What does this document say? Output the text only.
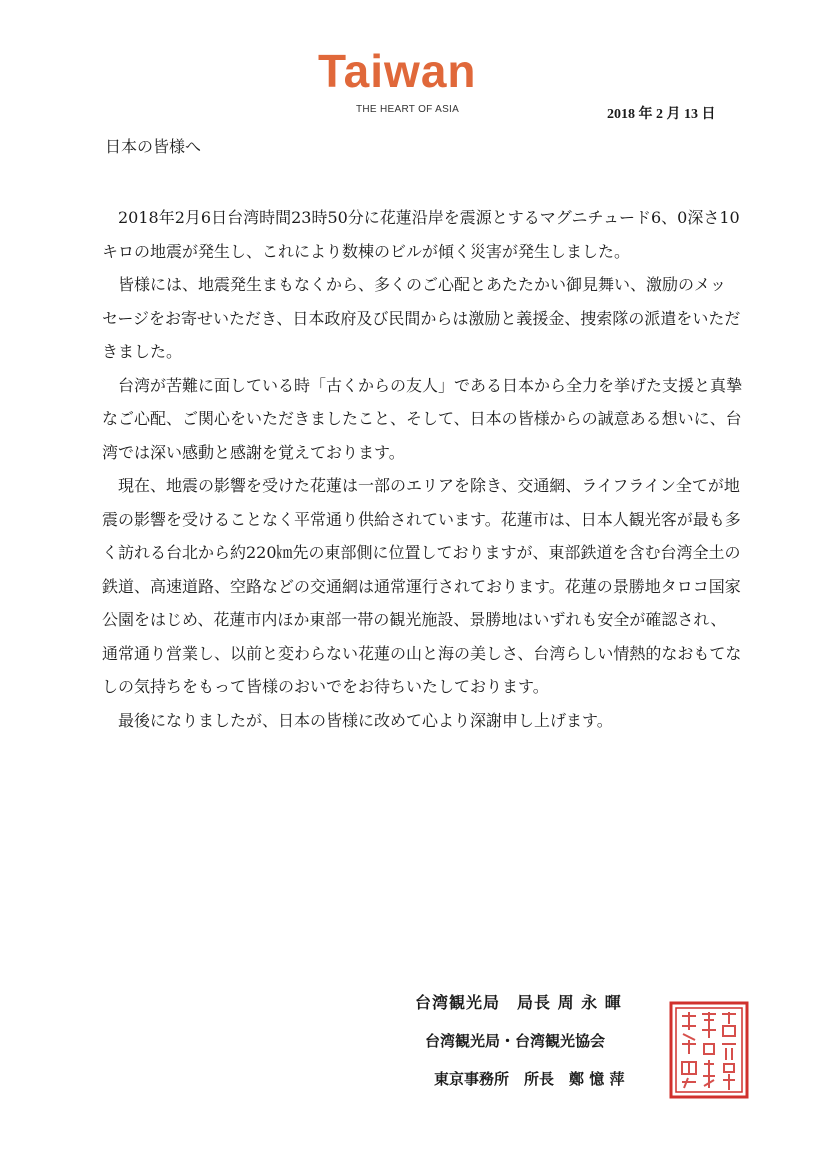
Taiwan
THE HEART OF ASIA	2018 年 2 月 13 日
日本の皆様へ

2018年2月6日台湾時間23時50分に花蓮沿岸を震源とするマグニチュード6、0深さ10キロの地震が発生し、これにより数棟のビルが傾く災害が発生しました。

皆様には、地震発生まもなくから、多くのご心配とあたたかい御見舞い、激励のメッセージをお寄せいただき、日本政府及び民間からは激励と義援金、捜索隊の派遣をいただきました。

台湾が苦難に面している時「古くからの友人」である日本から全力を挙げた支援と真摯なご心配、ご関心をいただきましたこと、そして、日本の皆様からの誠意ある想いに、台湾では深い感動と感謝を覚えております。

現在、地震の影響を受けた花蓮は一部のエリアを除き、交通網、ライフライン全てが地震の影響を受けることなく平常通り供給されています。花蓮市は、日本人観光客が最も多く訪れる台北から約220㎞先の東部側に位置しておりますが、東部鉄道を含む台湾全土の鉄道、高速道路、空路などの交通網は通常運行されております。花蓮の景勝地タロコ国家公園をはじめ、花蓮市内ほか東部一帯の観光施設、景勝地はいずれも安全が確認され、通常通り営業し、以前と変わらない花蓮の山と海の美しさ、台湾らしい情熱的なおもてなしの気持ちをもって皆様のおいでをお待ちいたしております。

最後になりましたが、日本の皆様に改めて心より深謝申し上げます。

台湾観光局　局長 周 永 暉
台湾観光局・台湾観光協会
東京事務所　所長　鄭 憶 萍
